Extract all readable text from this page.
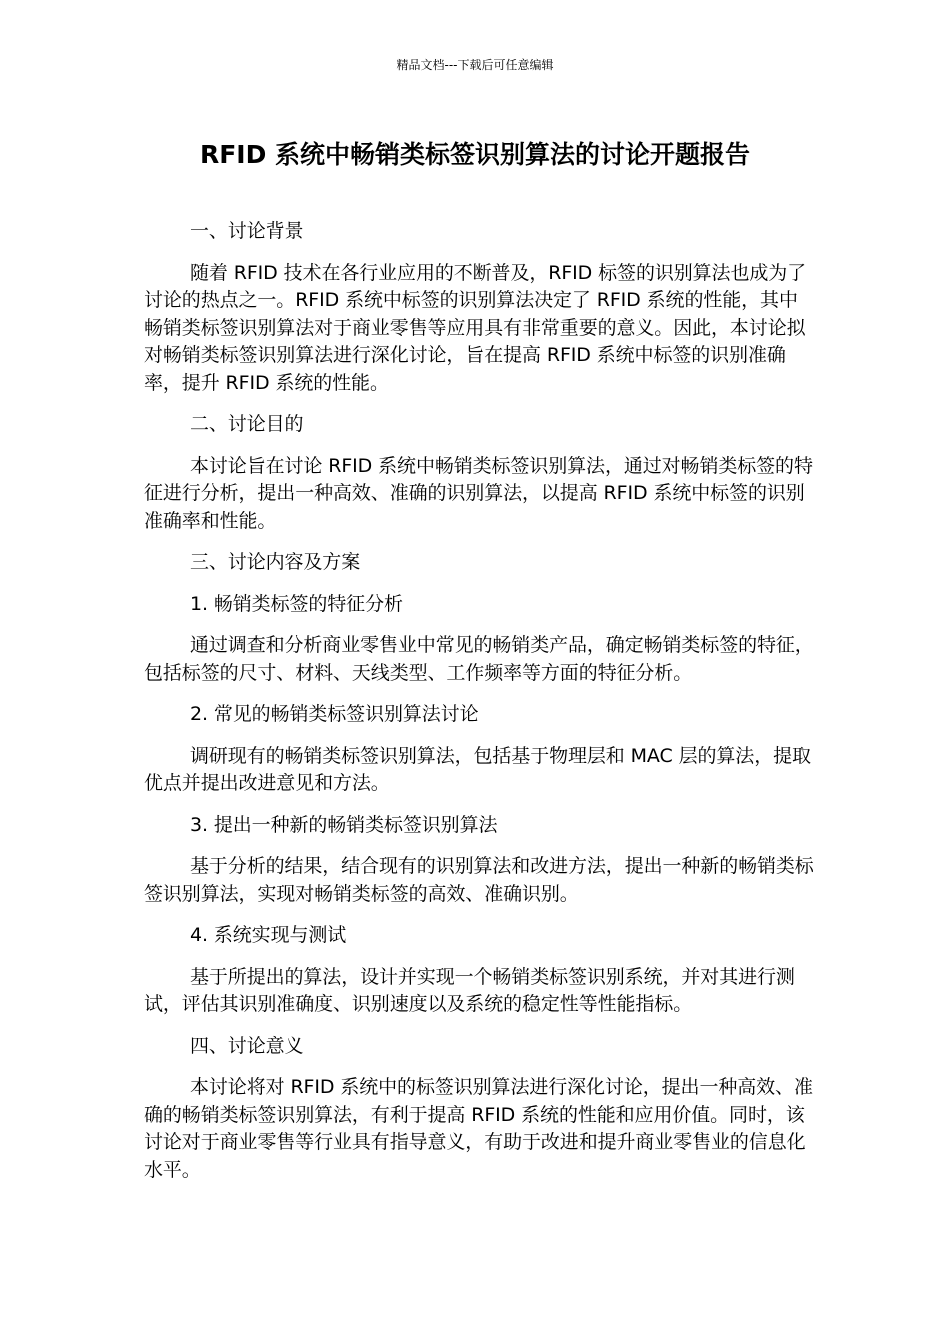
精品文档---下载后可任意编辑
RFID 系统中畅销类标签识别算法的讨论开题报告

一、讨论背景

随着 RFID 技术在各行业应用的不断普及，RFID 标签的识别算法也成为了讨论的热点之一。RFID 系统中标签的识别算法决定了 RFID 系统的性能，其中畅销类标签识别算法对于商业零售等应用具有非常重要的意义。因此，本讨论拟对畅销类标签识别算法进行深化讨论，旨在提高 RFID 系统中标签的识别准确率，提升 RFID 系统的性能。

二、讨论目的

本讨论旨在讨论 RFID 系统中畅销类标签识别算法，通过对畅销类标签的特征进行分析，提出一种高效、准确的识别算法，以提高 RFID 系统中标签的识别准确率和性能。

三、讨论内容及方案

1. 畅销类标签的特征分析

通过调查和分析商业零售业中常见的畅销类产品，确定畅销类标签的特征，包括标签的尺寸、材料、天线类型、工作频率等方面的特征分析。

2. 常见的畅销类标签识别算法讨论

调研现有的畅销类标签识别算法，包括基于物理层和 MAC 层的算法，提取优点并提出改进意见和方法。

3. 提出一种新的畅销类标签识别算法

基于分析的结果，结合现有的识别算法和改进方法，提出一种新的畅销类标签识别算法，实现对畅销类标签的高效、准确识别。

4. 系统实现与测试

基于所提出的算法，设计并实现一个畅销类标签识别系统，并对其进行测试，评估其识别准确度、识别速度以及系统的稳定性等性能指标。

四、讨论意义

本讨论将对 RFID 系统中的标签识别算法进行深化讨论，提出一种高效、准确的畅销类标签识别算法，有利于提高 RFID 系统的性能和应用价值。同时，该讨论对于商业零售等行业具有指导意义，有助于改进和提升商业零售业的信息化水平。
